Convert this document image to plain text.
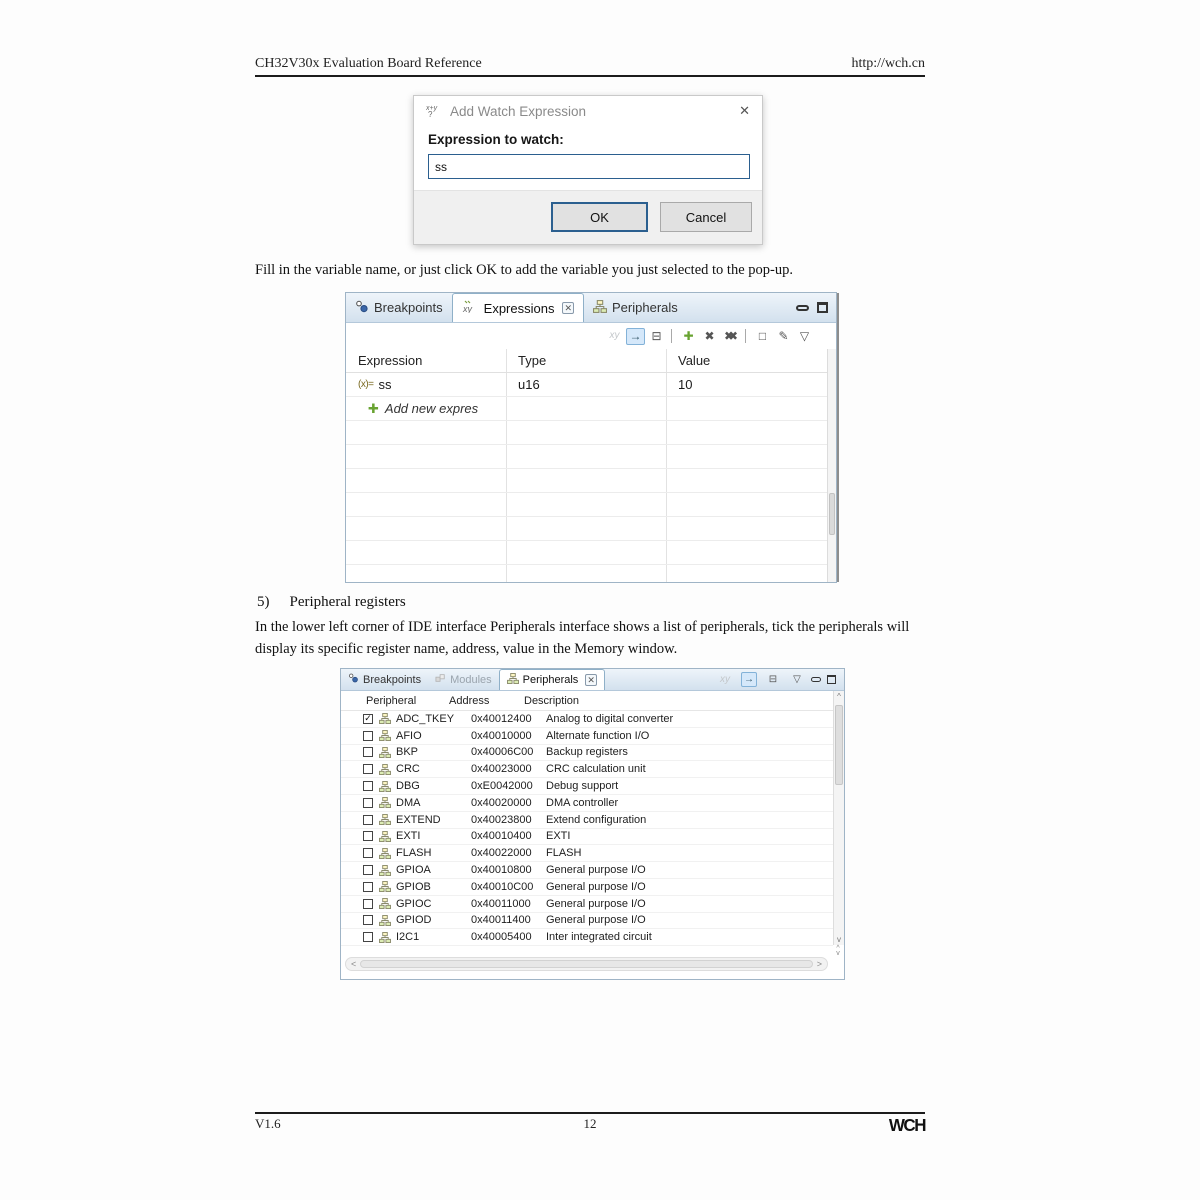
CH32V30x Evaluation Board Reference	http://wch.cn
x+y
? Add Watch Expression	✕
Expression to watch:
ss
OK	Cancel

Fill in the variable name, or just click OK to add the variable you just selected to the pop-up.

Breakpoints xy Expressions ✕	Peripherals
xy → ⊟	✚ ✖ ✖✖	□	✎ ▽
Expression	Type	Value
(x)= ss	u16	10
✚ Add new expres
5) Peripheral registers

In the lower left corner of IDE interface Peripherals interface shows a list of peripherals, tick the peripherals will display its specific register name, address, value in the Memory window.

Breakpoints	Modules	Peripherals ✕	xy	→	⊟	▽
Peripheral	Address	Description
✓
ADC_TKEY	0x40012400	Analog to digital converter
AFIO	0x40010000	Alternate function I/O
BKP	0x40006C00	Backup registers
CRC	0x40023000	CRC calculation unit
DBG	0xE0042000	Debug support
DMA	0x40020000	DMA controller
EXTEND	0x40023800	Extend configuration
EXTI	0x40010400	EXTI
FLASH	0x40022000	FLASH
GPIOA	0x40010800	General purpose I/O
GPIOB	0x40010C00	General purpose I/O
GPIOC	0x40011000	General purpose I/O
GPIOD	0x40011400	General purpose I/O
I2C1	0x40005400	Inter integrated circuit
^
v
^
v
<	>
V1.6	12	WCH
